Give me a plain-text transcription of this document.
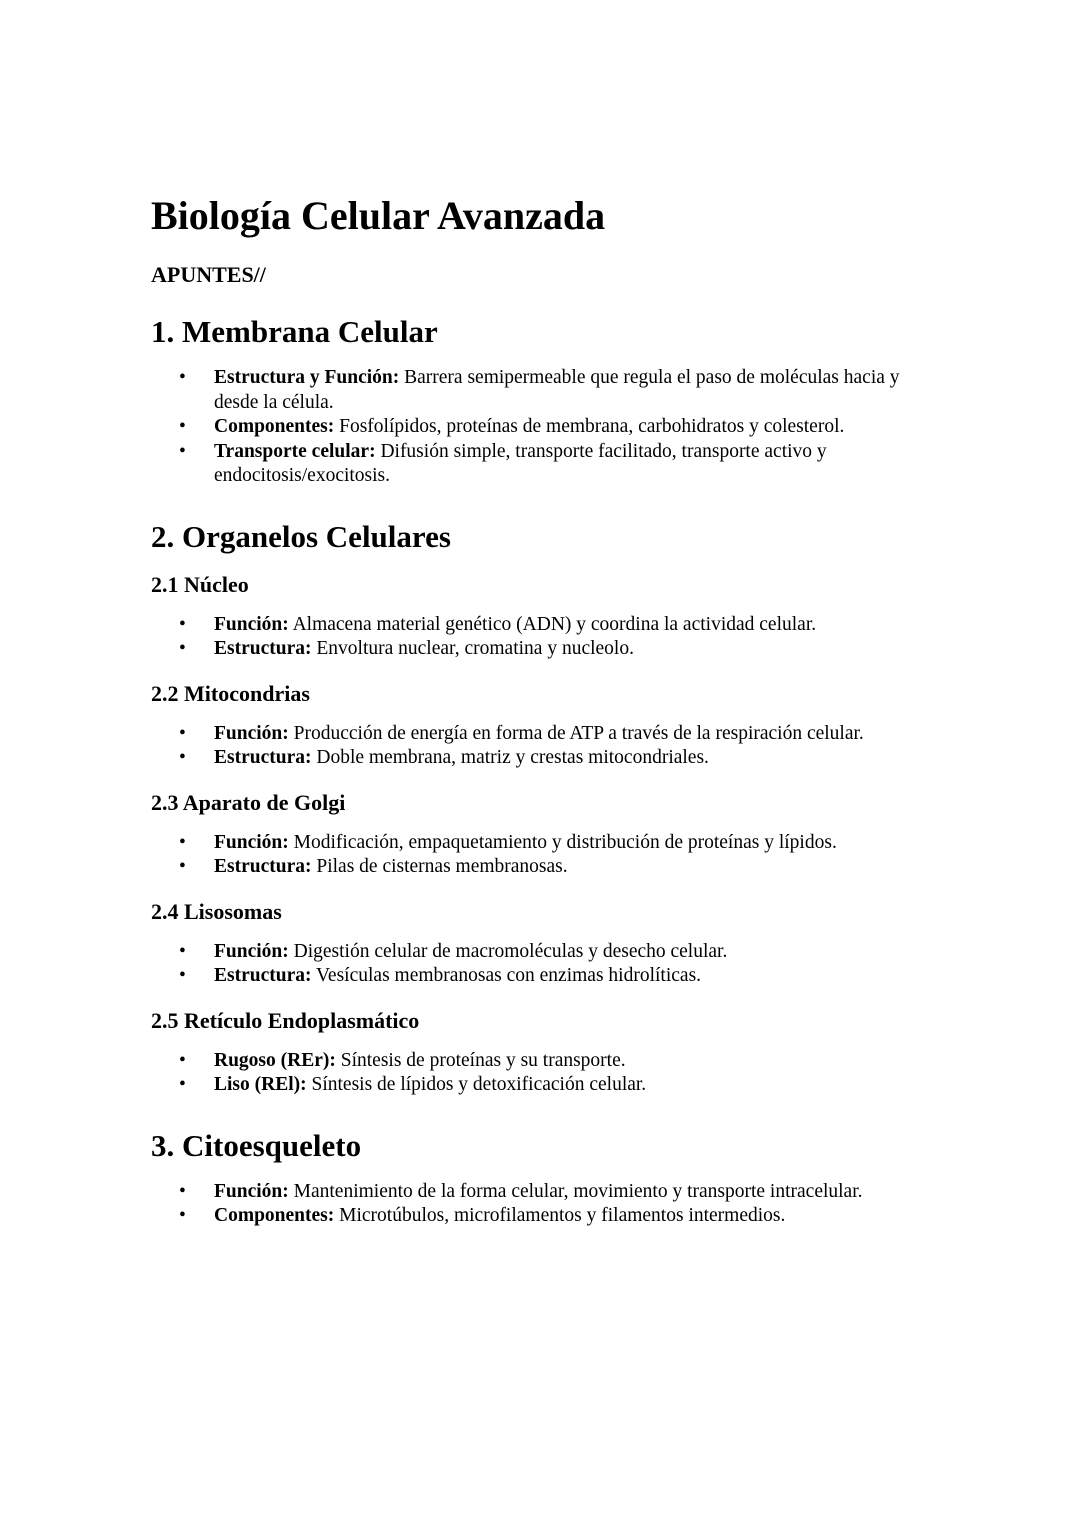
Biología Celular Avanzada
APUNTES//
1. Membrana Celular
• Estructura y Función: Barrera semipermeable que regula el paso de moléculas hacia y desde la célula.
• Componentes: Fosfolípidos, proteínas de membrana, carbohidratos y colesterol.
• Transporte celular: Difusión simple, transporte facilitado, transporte activo y endocitosis/exocitosis.
2. Organelos Celulares
2.1 Núcleo
• Función: Almacena material genético (ADN) y coordina la actividad celular.
• Estructura: Envoltura nuclear, cromatina y nucleolo.
2.2 Mitocondrias
• Función: Producción de energía en forma de ATP a través de la respiración celular.
• Estructura: Doble membrana, matriz y crestas mitocondriales.
2.3 Aparato de Golgi
• Función: Modificación, empaquetamiento y distribución de proteínas y lípidos.
• Estructura: Pilas de cisternas membranosas.
2.4 Lisosomas
• Función: Digestión celular de macromoléculas y desecho celular.
• Estructura: Vesículas membranosas con enzimas hidrolíticas.
2.5 Retículo Endoplasmático
• Rugoso (REr): Síntesis de proteínas y su transporte.
• Liso (REl): Síntesis de lípidos y detoxificación celular.
3. Citoesqueleto
• Función: Mantenimiento de la forma celular, movimiento y transporte intracelular.
• Componentes: Microtúbulos, microfilamentos y filamentos intermedios.
